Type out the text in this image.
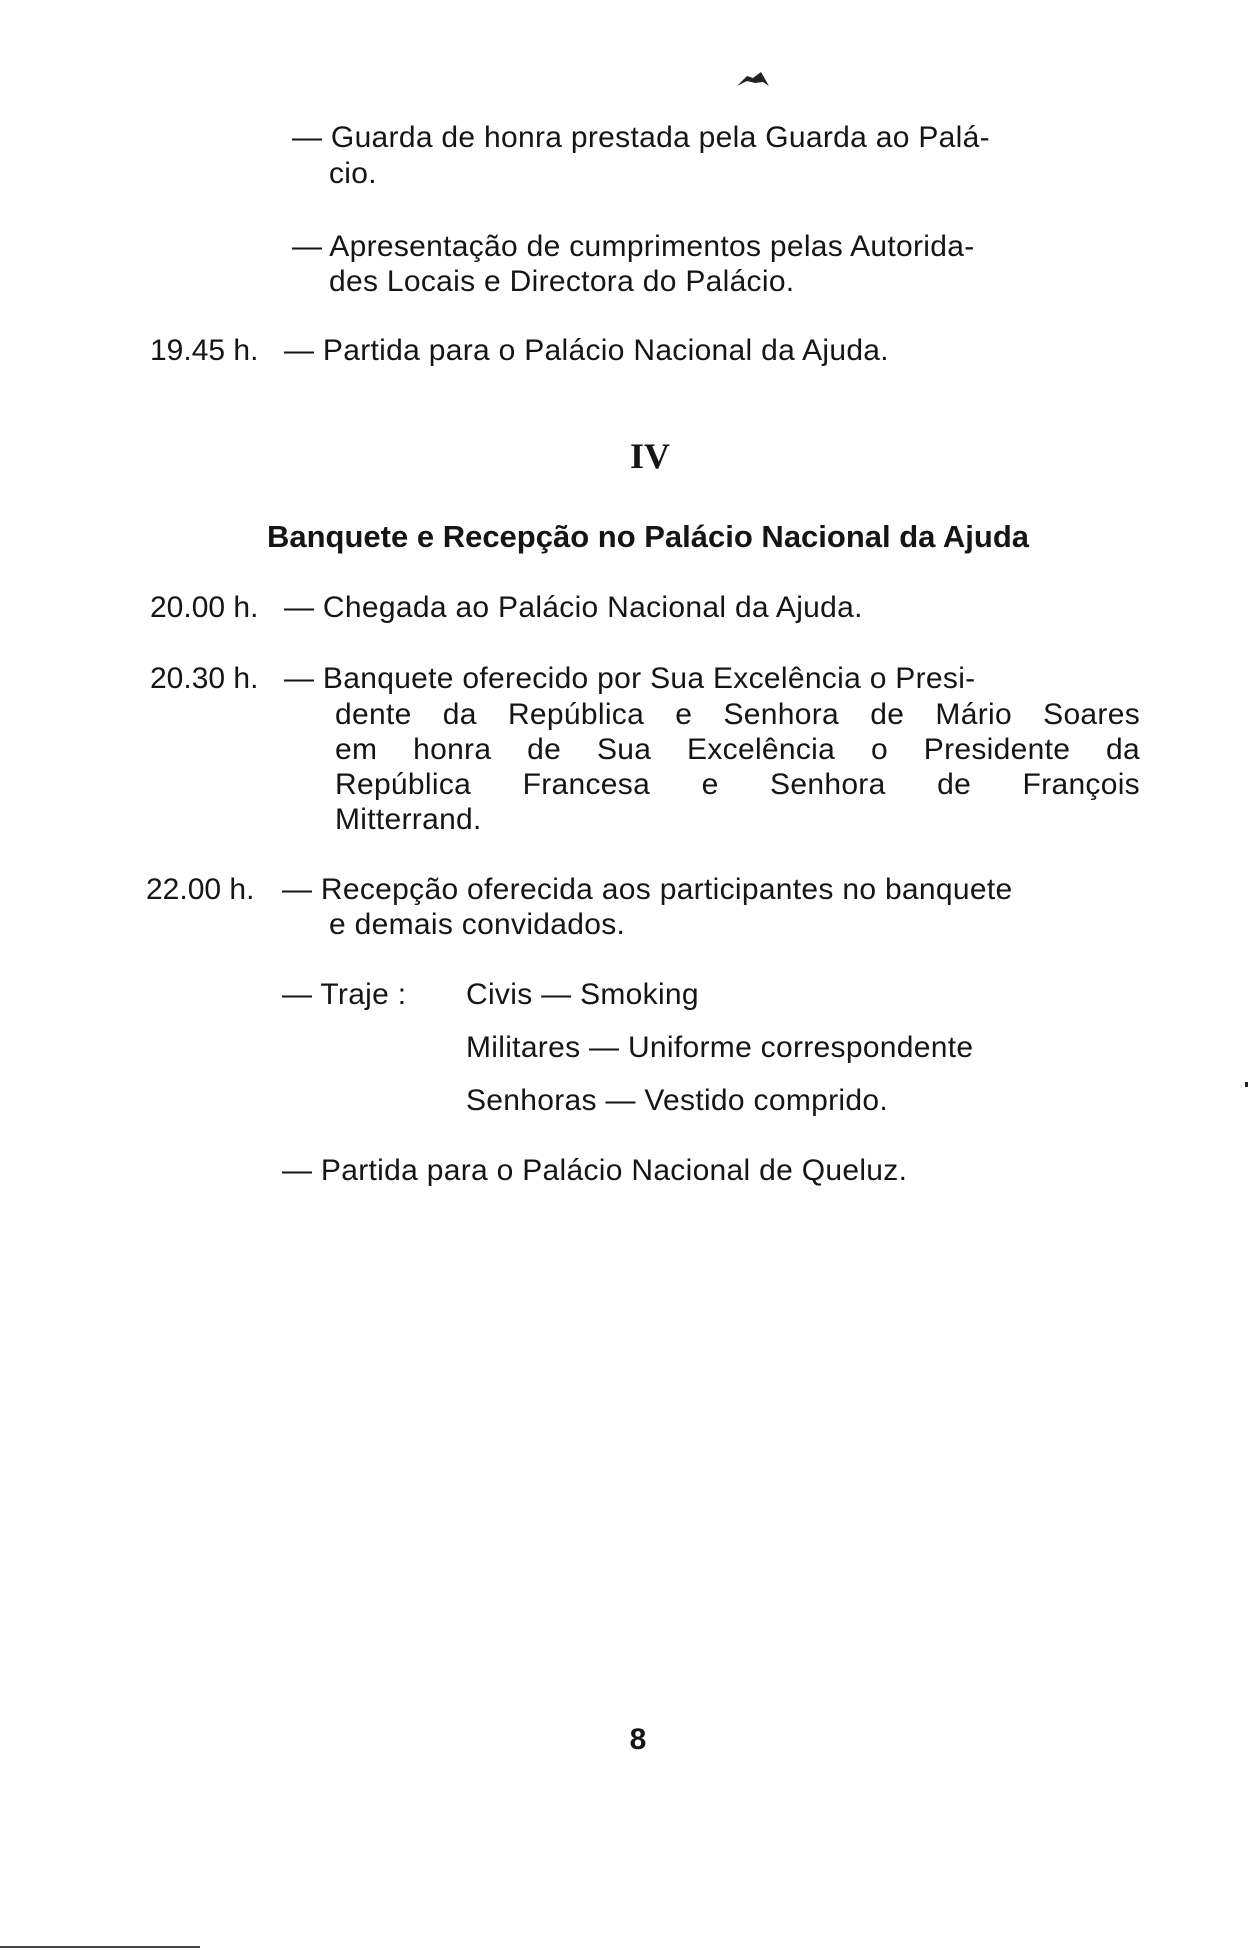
— Guarda de honra prestada pela Guarda ao Palá-
cio.
— Apresentação de cumprimentos pelas Autorida-
des Locais e Directora do Palácio.
19.45 h. — Partida para o Palácio Nacional da Ajuda.
IV
Banquete e Recepção no Palácio Nacional da Ajuda
20.00 h. — Chegada ao Palácio Nacional da Ajuda.
20.30 h. — Banquete oferecido por Sua Excelência o Presi-
dente da República e Senhora de Mário Soares
em honra de Sua Excelência o Presidente da
República Francesa e Senhora de François
Mitterrand.
22.00 h. — Recepção oferecida aos participantes no banquete
e demais convidados.
— Traje : Civis — Smoking
Militares — Uniforme correspondente
Senhoras — Vestido comprido.
— Partida para o Palácio Nacional de Queluz.
8
